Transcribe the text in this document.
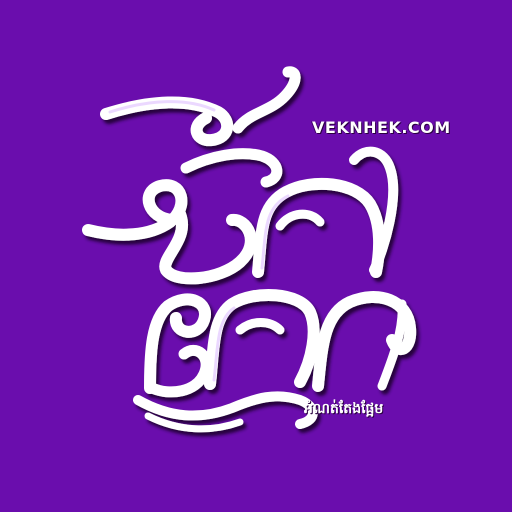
VEKNHEK.COM
អំណត់តែងផ្អែម
